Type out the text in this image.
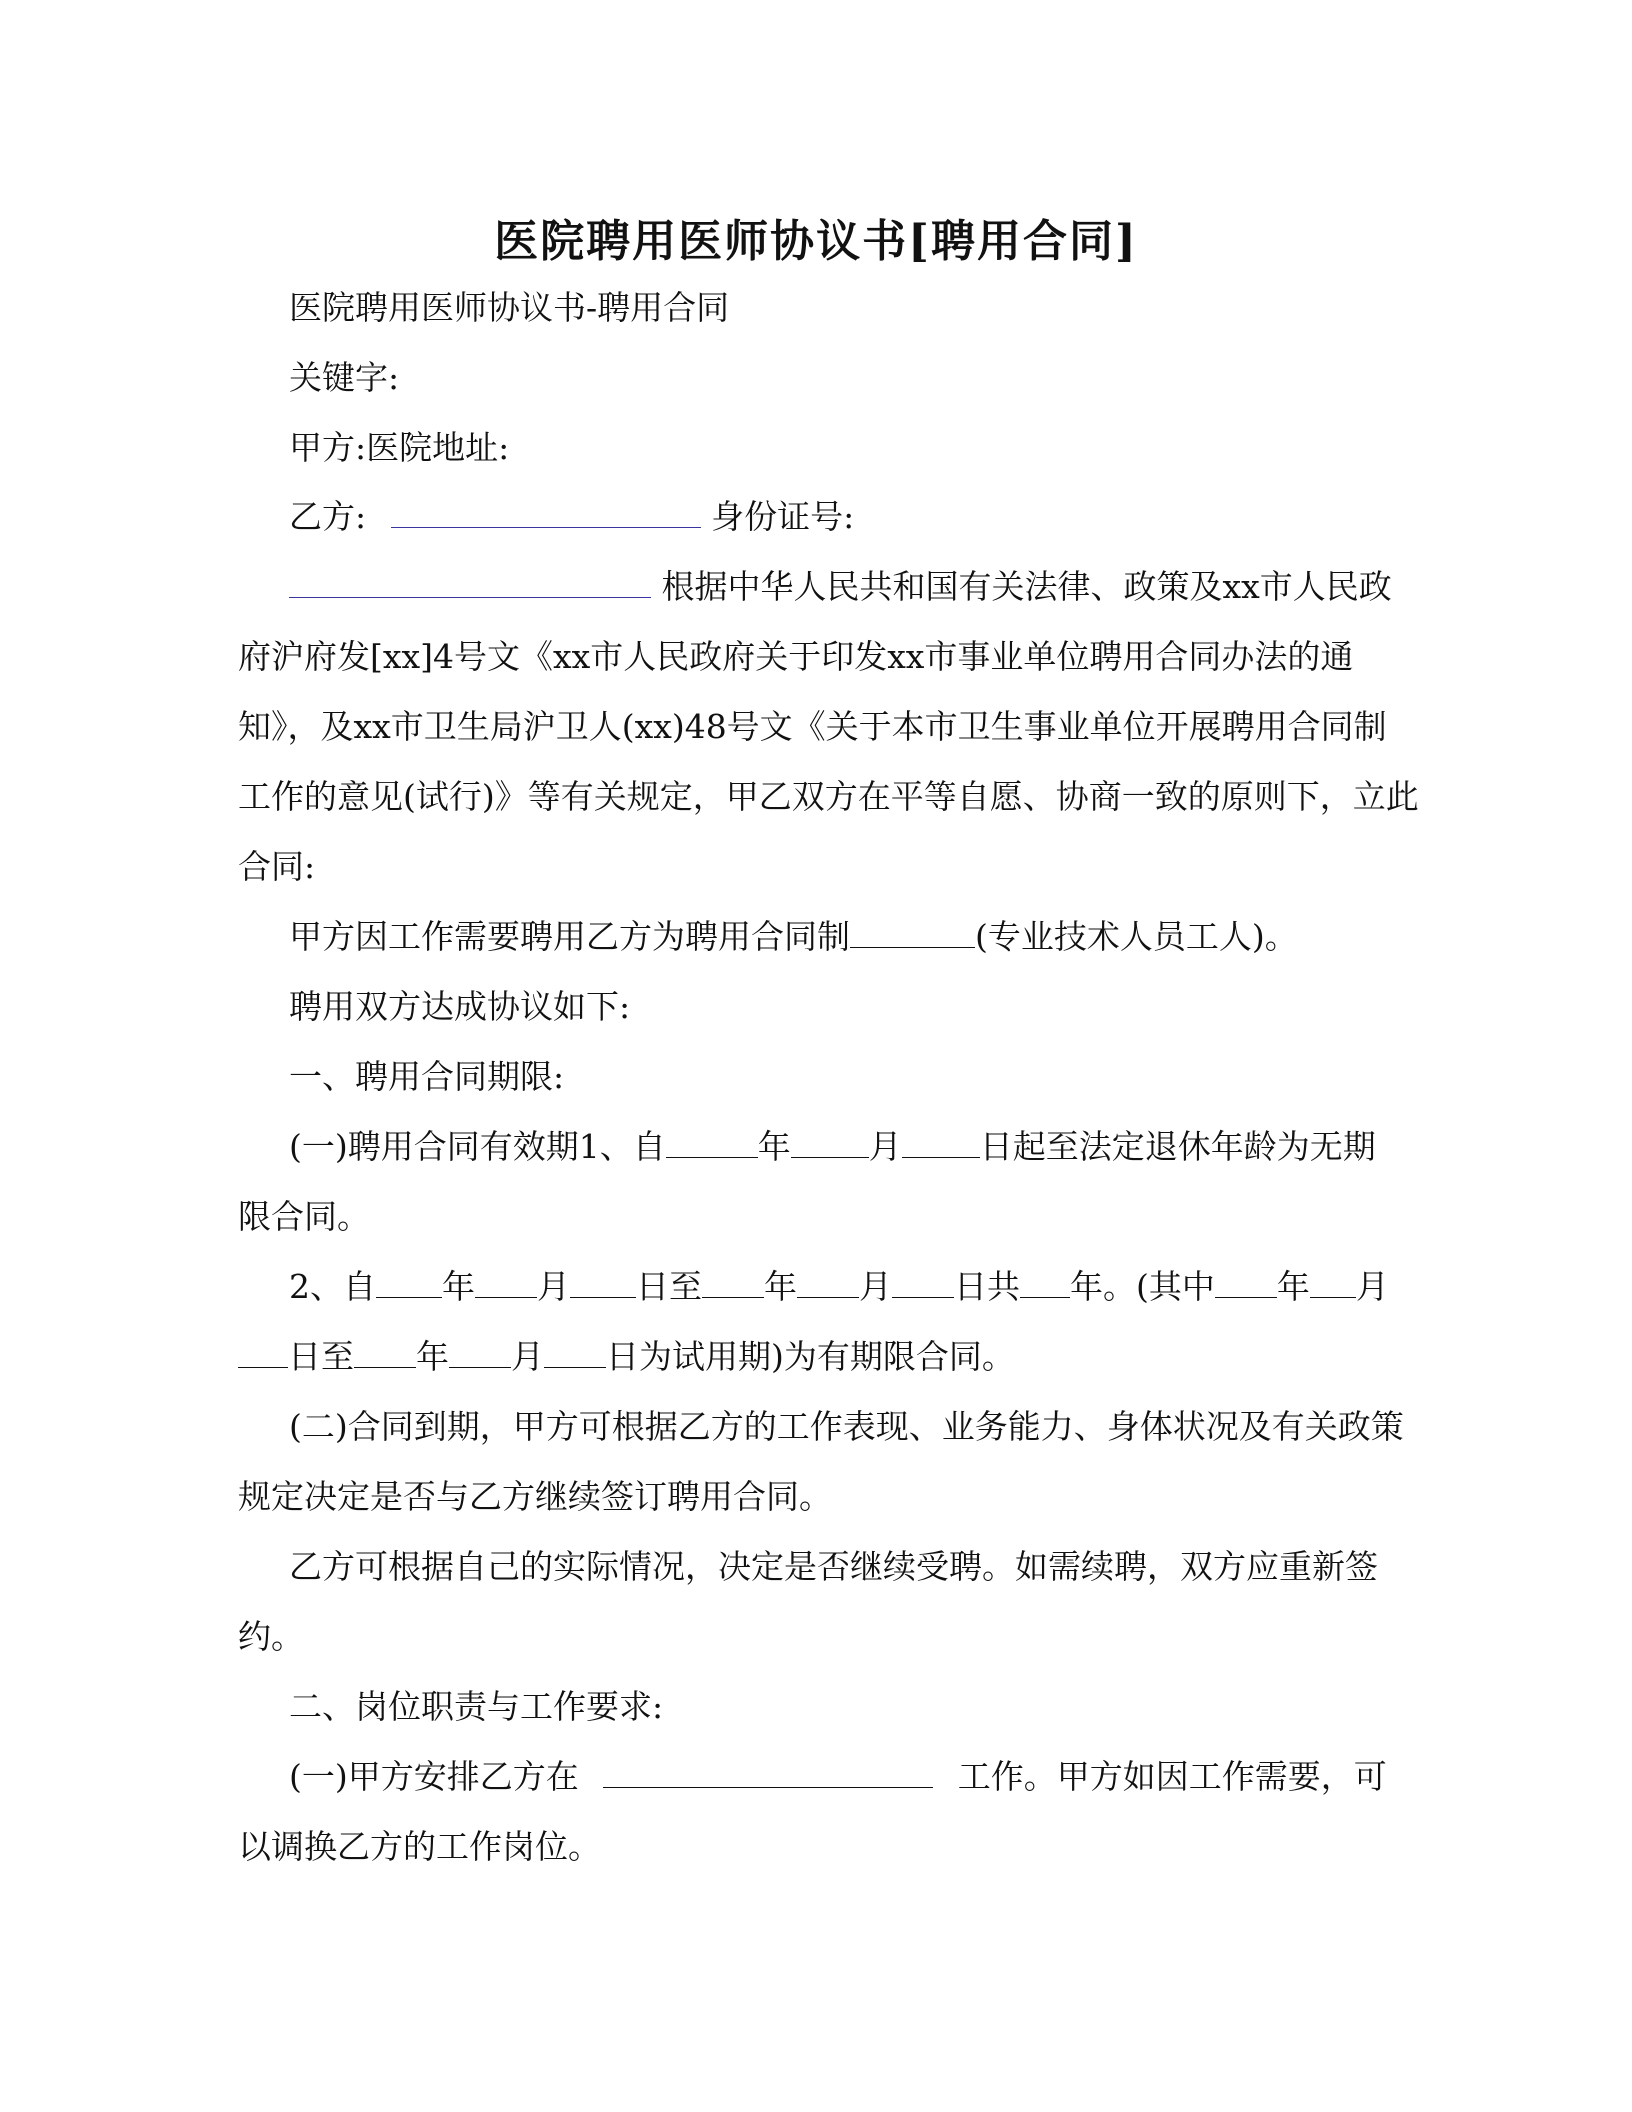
医院聘用医师协议书[聘用合同]
医院聘用医师协议书-聘用合同
关键字:
甲方:医院地址:
乙方:	身份证号:
根据中华人民共和国有关法律、政策及xx市人民政
府沪府发[xx]4号文《xx市人民政府关于印发xx市事业单位聘用合同办法的通
知》，及xx市卫生局沪卫人(xx)48号文《关于本市卫生事业单位开展聘用合同制
工作的意见(试行)》等有关规定，甲乙双方在平等自愿、协商一致的原则下，立此
合同:
甲方因工作需要聘用乙方为聘用合同制	(专业技术人员工人)。
聘用双方达成协议如下:
一、聘用合同期限:
(一)聘用合同有效期1、自	年 月 日起至法定退休年龄为无期
限合同。
2、自 年 月 日至 年 月 日共 年。(其中 年 月
日至 年 月 日为试用期)为有期限合同。
(二)合同到期，甲方可根据乙方的工作表现、业务能力、身体状况及有关政策
规定决定是否与乙方继续签订聘用合同。
乙方可根据自己的实际情况，决定是否继续受聘。如需续聘，双方应重新签
约。
二、岗位职责与工作要求:
(一)甲方安排乙方在	工作。甲方如因工作需要，可
以调换乙方的工作岗位。
